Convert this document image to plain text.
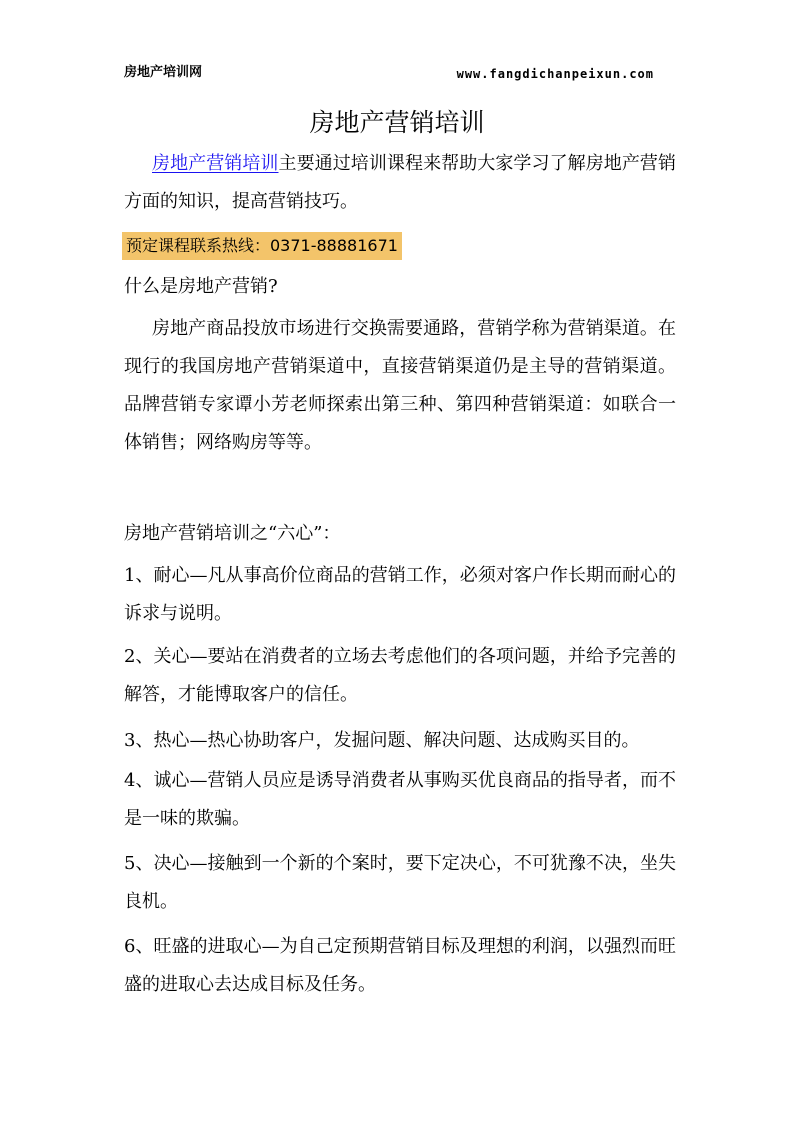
房地产培训网	www.fangdichanpeixun.com
房地产营销培训

房地产营销培训主要通过培训课程来帮助大家学习了解房地产营销方面的知识，提高营销技巧。

预定课程联系热线：0371-88881671

什么是房地产营销?

房地产商品投放市场进行交换需要通路，营销学称为营销渠道。在现行的我国房地产营销渠道中，直接营销渠道仍是主导的营销渠道。品牌营销专家谭小芳老师探索出第三种、第四种营销渠道：如联合一体销售；网络购房等等。

房地产营销培训之“六心”：

1、耐心—凡从事高价位商品的营销工作，必须对客户作长期而耐心的诉求与说明。

2、关心—要站在消费者的立场去考虑他们的各项问题，并给予完善的解答，才能博取客户的信任。

3、热心—热心协助客户，发掘问题、解决问题、达成购买目的。

4、诚心—营销人员应是诱导消费者从事购买优良商品的指导者，而不是一味的欺骗。

5、决心—接触到一个新的个案时，要下定决心，不可犹豫不决，坐失良机。

6、旺盛的进取心—为自己定预期营销目标及理想的利润，以强烈而旺盛的进取心去达成目标及任务。
